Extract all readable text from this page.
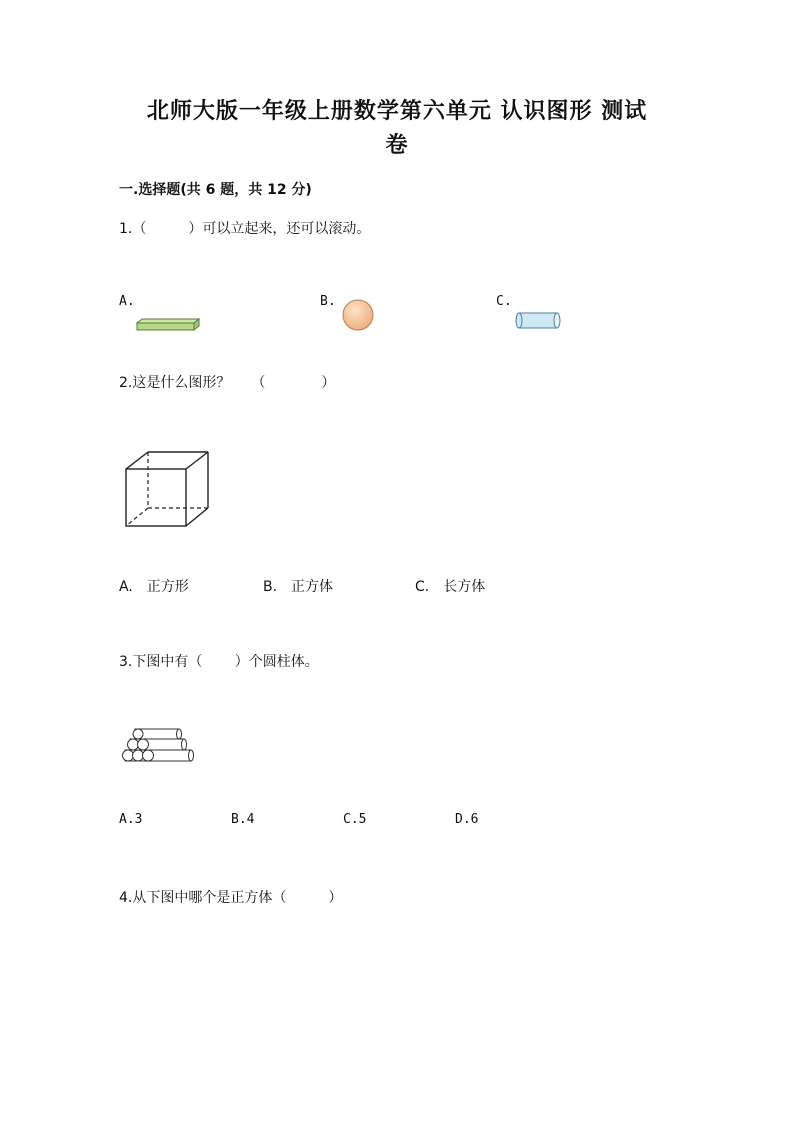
北师大版一年级上册数学第六单元 认识图形 测试
卷
一.选择题(共 6 题，共 12 分)
1.（　　　）可以立起来，还可以滚动。
A.	B.	C.
2.这是什么图形？　　（　　　　）
A.　正方形	B.　正方体	C.　长方体
3.下图中有（　　 ）个圆柱体。
A.3	B.4	C.5	D.6
4.从下图中哪个是正方体（　　　）
